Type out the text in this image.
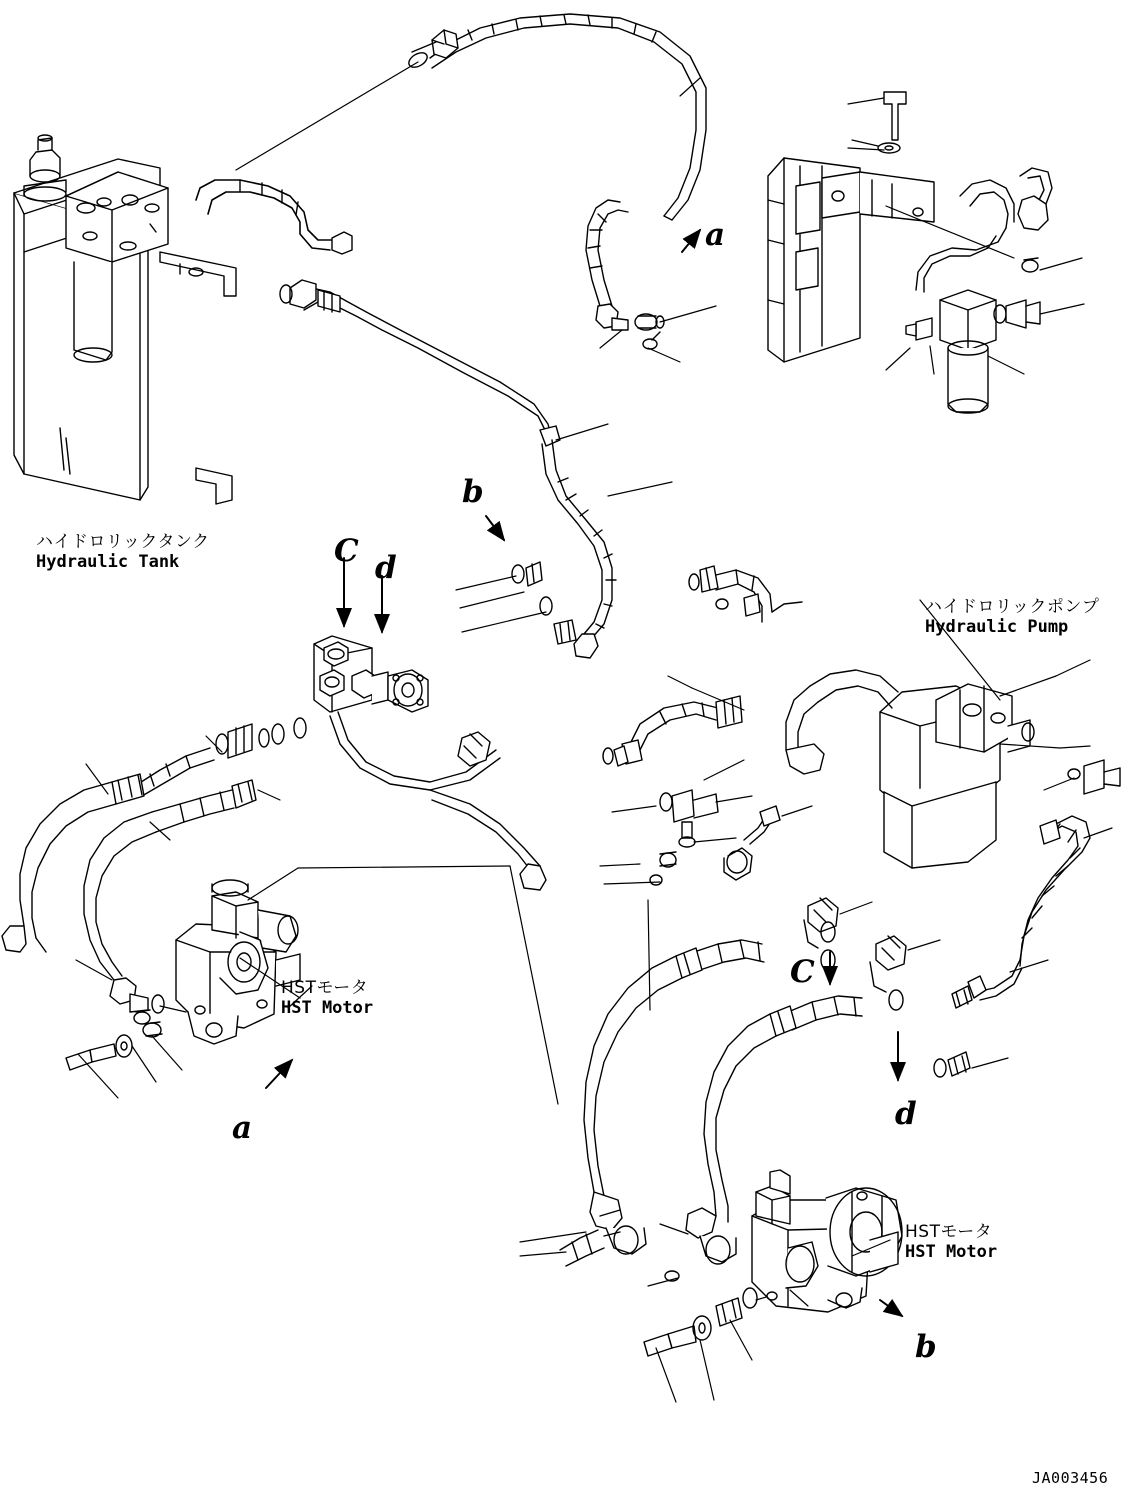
ハイドロリックタンク
Hydraulic Tank
ハイドロリックポンプ
Hydraulic Pump
HSTモータ
HST Motor
HSTモータ
HST Motor
a
b
C d
a
C
d
b
JA003456
